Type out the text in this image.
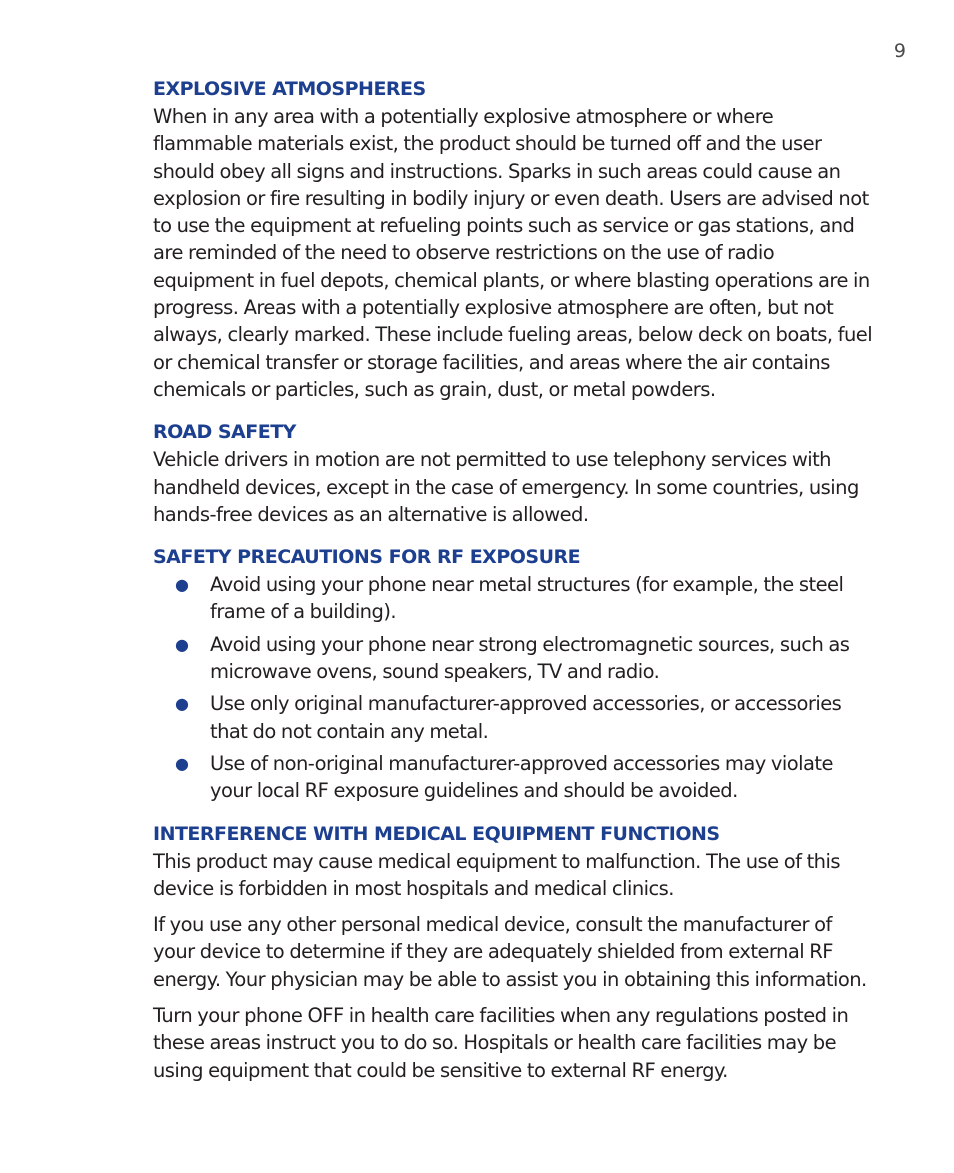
9
EXPLOSIVE ATMOSPHERES

When in any area with a potentially explosive atmosphere or where flammable materials exist, the product should be turned off and the user should obey all signs and instructions. Sparks in such areas could cause an explosion or fire resulting in bodily injury or even death. Users are advised not to use the equipment at refueling points such as service or gas stations, and are reminded of the need to observe restrictions on the use of radio equipment in fuel depots, chemical plants, or where blasting operations are in progress. Areas with a potentially explosive atmosphere are often, but not always, clearly marked. These include fueling areas, below deck on boats, fuel or chemical transfer or storage facilities, and areas where the air contains chemicals or particles, such as grain, dust, or metal powders.

ROAD SAFETY

Vehicle drivers in motion are not permitted to use telephony services with handheld devices, except in the case of emergency. In some countries, using hands-free devices as an alternative is allowed.

SAFETY PRECAUTIONS FOR RF EXPOSURE
● Avoid using your phone near metal structures (for example, the steel frame of a building).
● Avoid using your phone near strong electromagnetic sources, such as microwave ovens, sound speakers, TV and radio.
● Use only original manufacturer-approved accessories, or accessories that do not contain any metal.
● Use of non-original manufacturer-approved accessories may violate your local RF exposure guidelines and should be avoided.
INTERFERENCE WITH MEDICAL EQUIPMENT FUNCTIONS

This product may cause medical equipment to malfunction. The use of this device is forbidden in most hospitals and medical clinics.

If you use any other personal medical device, consult the manufacturer of your device to determine if they are adequately shielded from external RF energy. Your physician may be able to assist you in obtaining this information.

Turn your phone OFF in health care facilities when any regulations posted in these areas instruct you to do so. Hospitals or health care facilities may be using equipment that could be sensitive to external RF energy.
